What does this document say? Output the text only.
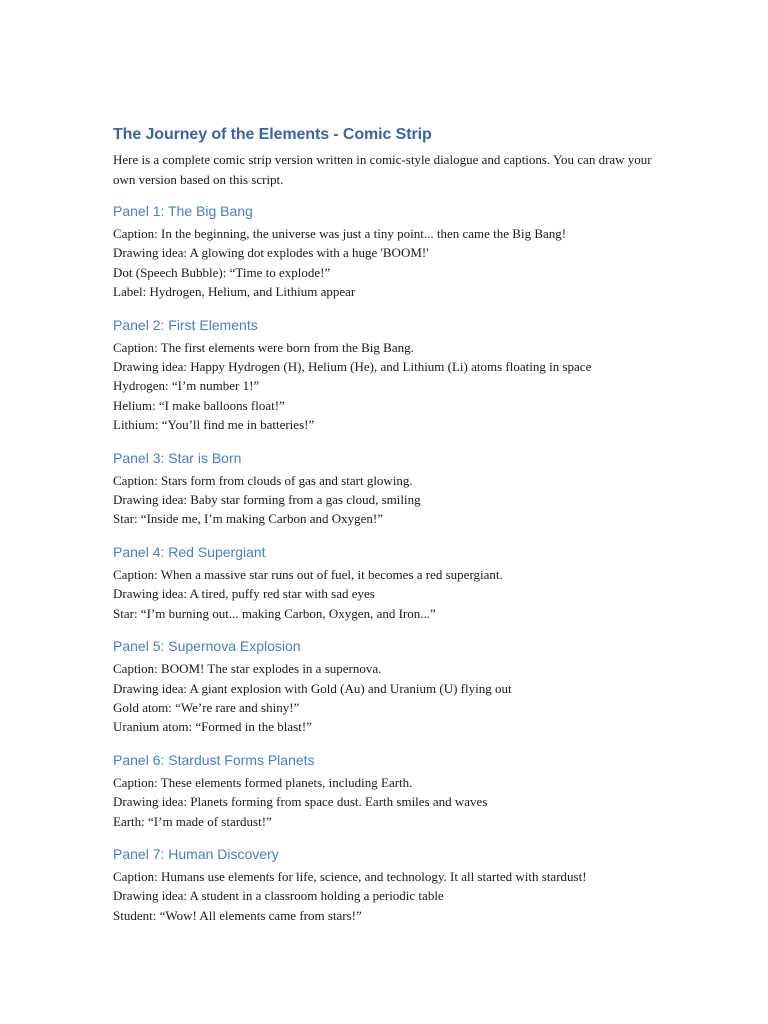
The Journey of the Elements - Comic Strip

Here is a complete comic strip version written in comic-style dialogue and captions. You can draw your own version based on this script.

Panel 1: The Big Bang

Caption: In the beginning, the universe was just a tiny point... then came the Big Bang!

Drawing idea: A glowing dot explodes with a huge 'BOOM!'

Dot (Speech Bubble): “Time to explode!”

Label: Hydrogen, Helium, and Lithium appear

Panel 2: First Elements

Caption: The first elements were born from the Big Bang.

Drawing idea: Happy Hydrogen (H), Helium (He), and Lithium (Li) atoms floating in space

Hydrogen: “I’m number 1!”

Helium: “I make balloons float!”

Lithium: “You’ll find me in batteries!”

Panel 3: Star is Born

Caption: Stars form from clouds of gas and start glowing.

Drawing idea: Baby star forming from a gas cloud, smiling

Star: “Inside me, I’m making Carbon and Oxygen!”

Panel 4: Red Supergiant

Caption: When a massive star runs out of fuel, it becomes a red supergiant.

Drawing idea: A tired, puffy red star with sad eyes

Star: “I’m burning out... making Carbon, Oxygen, and Iron...”

Panel 5: Supernova Explosion

Caption: BOOM! The star explodes in a supernova.

Drawing idea: A giant explosion with Gold (Au) and Uranium (U) flying out

Gold atom: “We’re rare and shiny!”

Uranium atom: “Formed in the blast!”

Panel 6: Stardust Forms Planets

Caption: These elements formed planets, including Earth.

Drawing idea: Planets forming from space dust. Earth smiles and waves

Earth: “I’m made of stardust!”

Panel 7: Human Discovery

Caption: Humans use elements for life, science, and technology. It all started with stardust!

Drawing idea: A student in a classroom holding a periodic table

Student: “Wow! All elements came from stars!”
